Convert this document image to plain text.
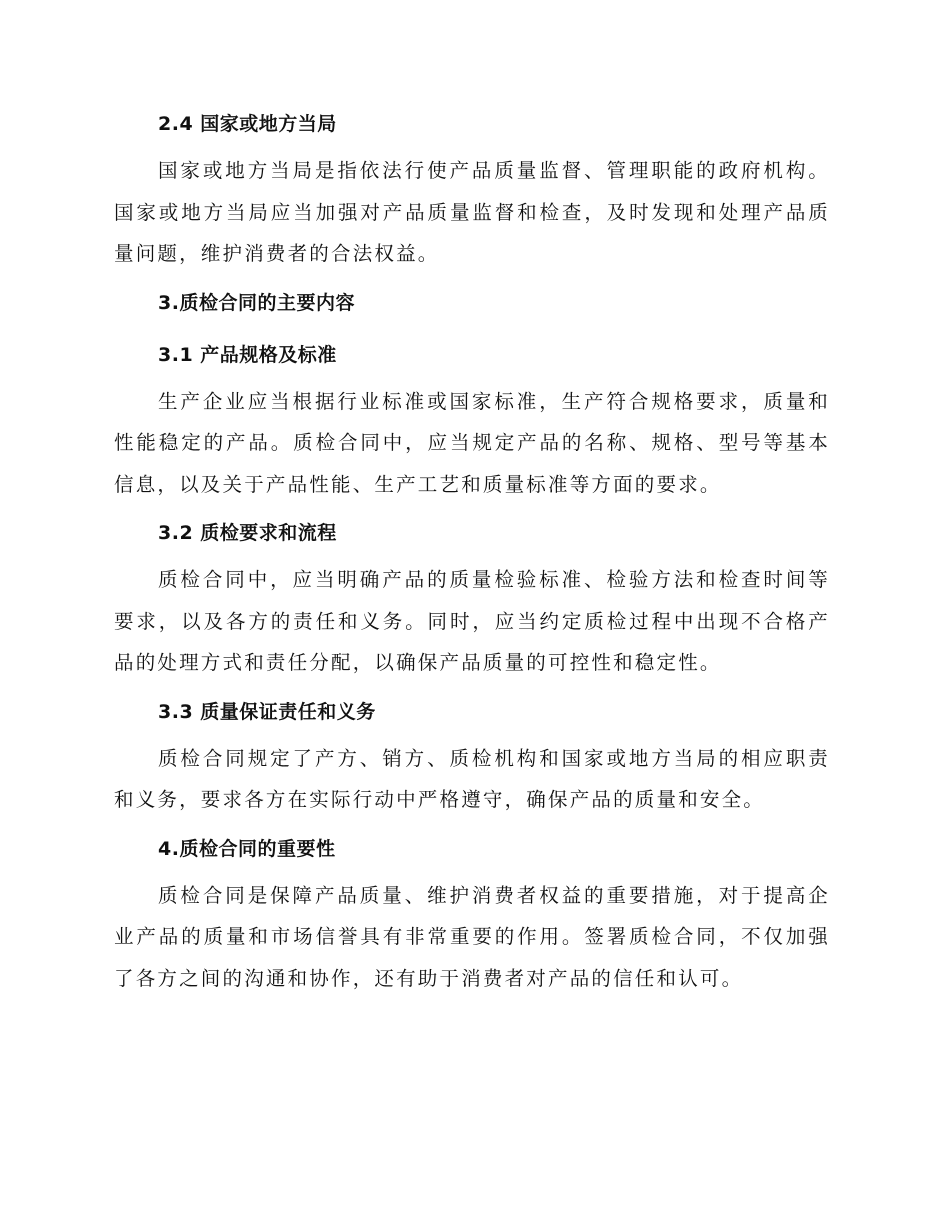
2.4 国家或地方当局

国家或地方当局是指依法行使产品质量监督、管理职能的政府机构。国家或地方当局应当加强对产品质量监督和检查，及时发现和处理产品质量问题，维护消费者的合法权益。

3.质检合同的主要内容
3.1 产品规格及标准

生产企业应当根据行业标准或国家标准，生产符合规格要求，质量和性能稳定的产品。质检合同中，应当规定产品的名称、规格、型号等基本信息，以及关于产品性能、生产工艺和质量标准等方面的要求。

3.2 质检要求和流程

质检合同中，应当明确产品的质量检验标准、检验方法和检查时间等要求，以及各方的责任和义务。同时，应当约定质检过程中出现不合格产品的处理方式和责任分配，以确保产品质量的可控性和稳定性。

3.3 质量保证责任和义务

质检合同规定了产方、销方、质检机构和国家或地方当局的相应职责和义务，要求各方在实际行动中严格遵守，确保产品的质量和安全。

4.质检合同的重要性

质检合同是保障产品质量、维护消费者权益的重要措施，对于提高企业产品的质量和市场信誉具有非常重要的作用。签署质检合同，不仅加强了各方之间的沟通和协作，还有助于消费者对产品的信任和认可。
